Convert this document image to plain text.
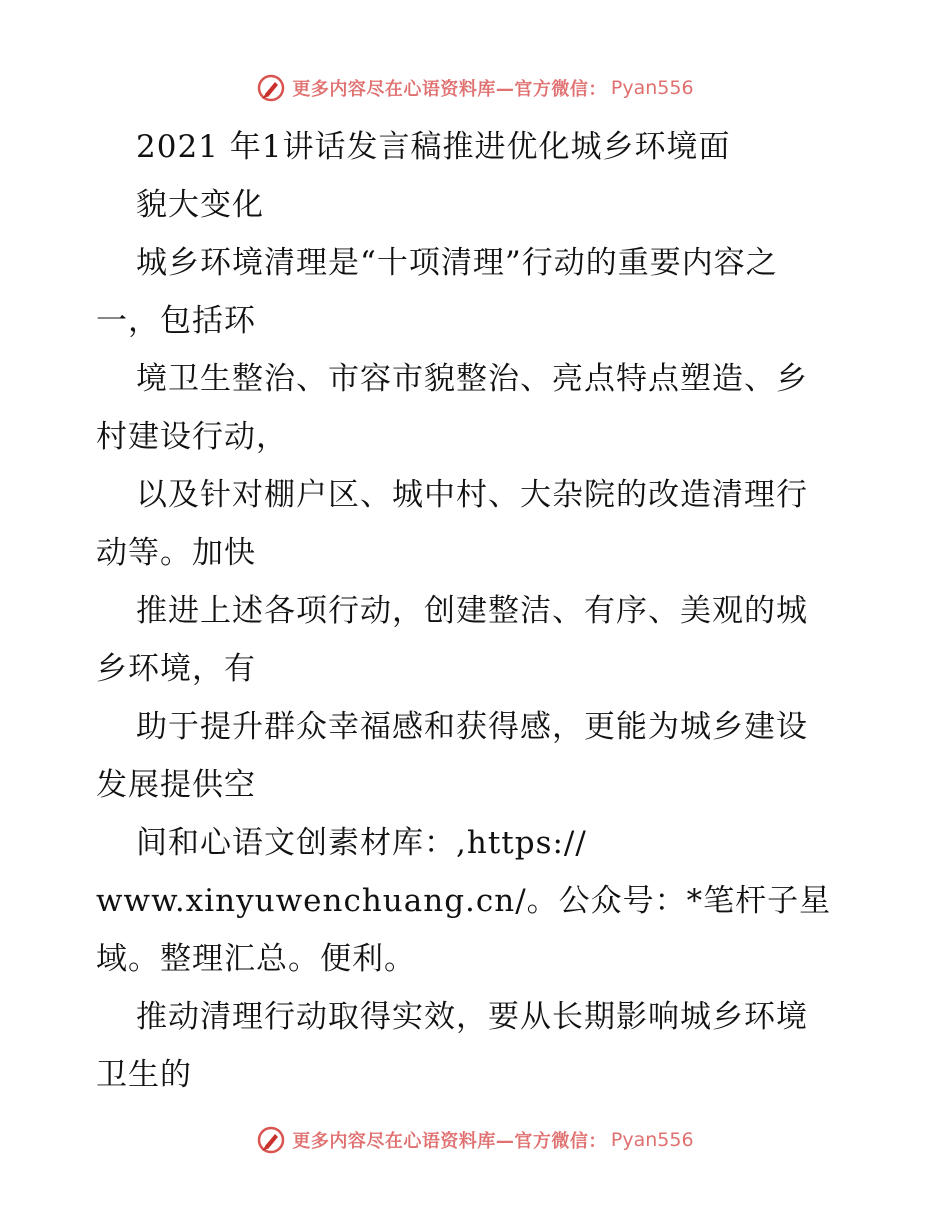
更多内容尽在心语资料库—官方微信： Pyan556
2021 年1讲话发言稿推进优化城乡环境面
貌大变化
城乡环境清理是“十项清理”行动的重要内容之
一，包括环
境卫生整治、市容市貌整治、亮点特点塑造、乡
村建设行动，
以及针对棚户区、城中村、大杂院的改造清理行
动等。加快
推进上述各项行动，创建整洁、有序、美观的城
乡环境，有
助于提升群众幸福感和获得感，更能为城乡建设
发展提供空
间和心语文创素材库：,https://
www.xinyuwenchuang.cn/。公众号：*笔杆子星
域。整理汇总。便利。
推动清理行动取得实效，要从长期影响城乡环境
卫生的
更多内容尽在心语资料库—官方微信： Pyan556
